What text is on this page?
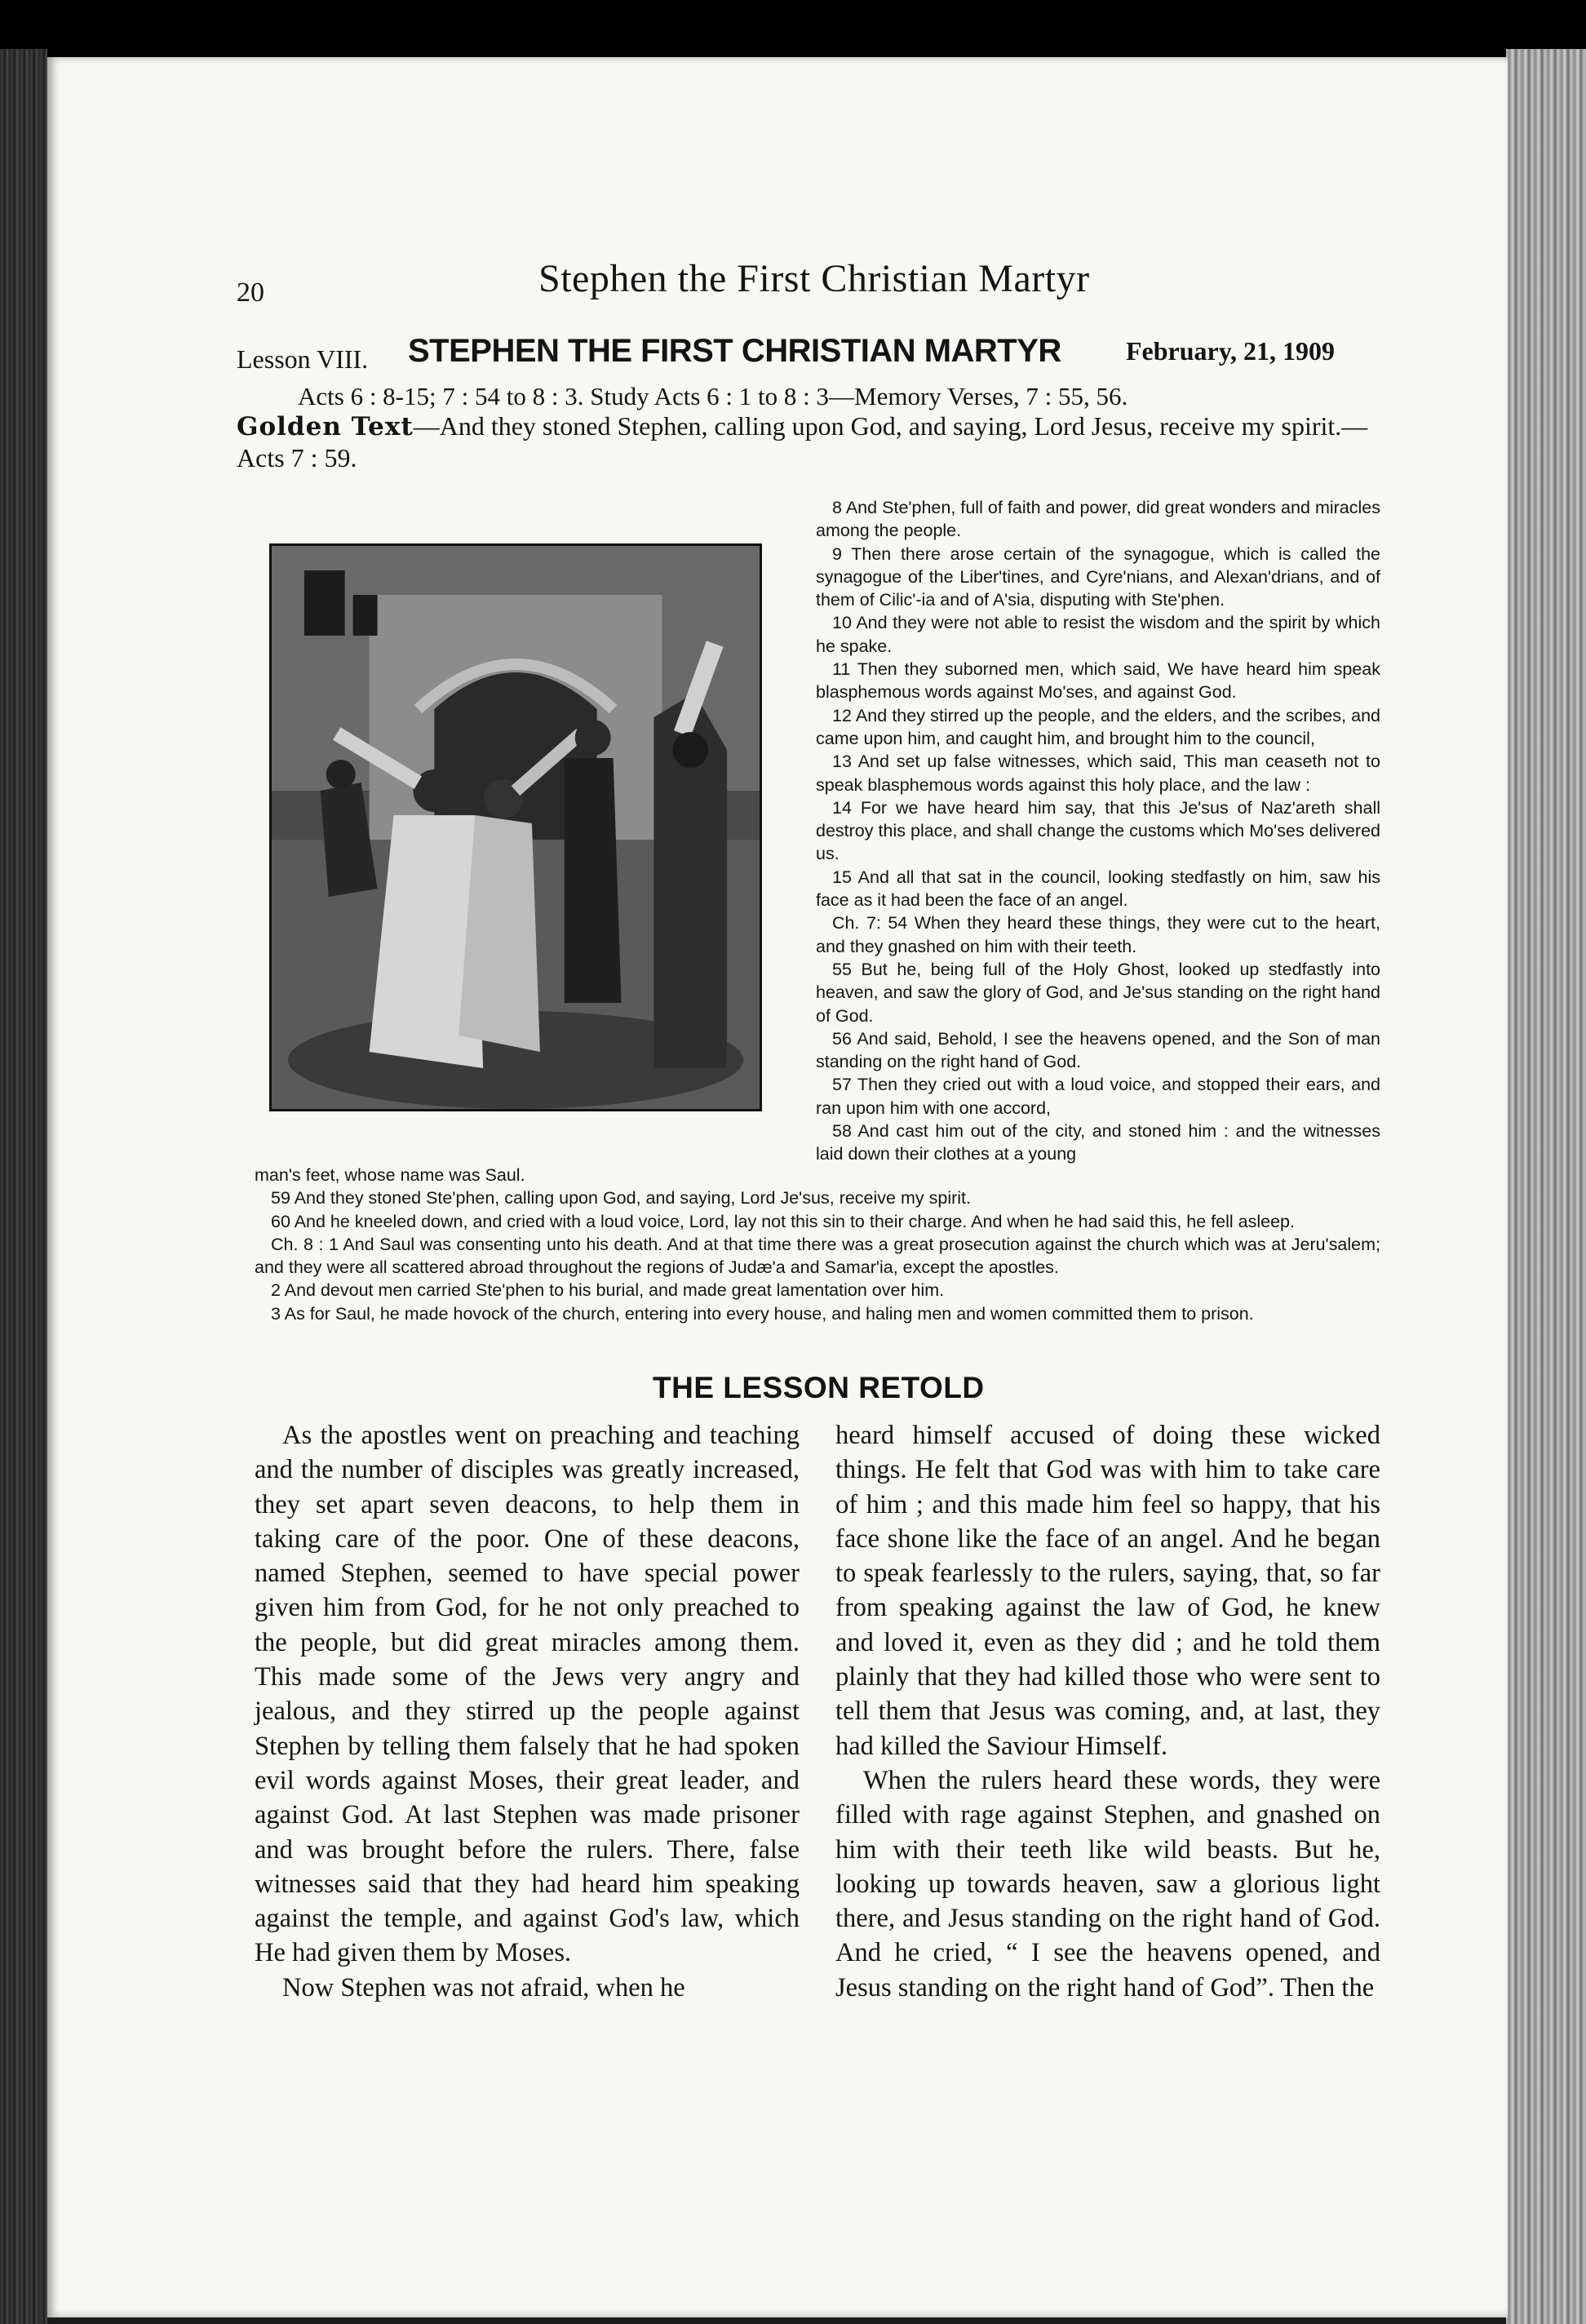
20	Stephen the First Christian Martyr
Lesson VIII. STEPHEN THE FIRST CHRISTIAN MARTYR February, 21, 1909
Acts 6 : 8-15; 7 : 54 to 8 : 3. Study Acts 6 : 1 to 8 : 3—Memory Verses, 7 : 55, 56.
Golden Text—And they stoned Stephen, calling upon God, and saying, Lord Jesus, receive my spirit.—Acts 7 : 59.

8 And Ste'phen, full of faith and power, did great wonders and miracles among the people.

9 Then there arose certain of the synagogue, which is called the synagogue of the Liber'tines, and Cyre'nians, and Alexan'drians, and of them of Cilic'-ia and of A'sia, disputing with Ste'phen.

10 And they were not able to resist the wisdom and the spirit by which he spake.

11 Then they suborned men, which said, We have heard him speak blasphemous words against Mo'ses, and against God.

12 And they stirred up the people, and the elders, and the scribes, and came upon him, and caught him, and brought him to the council,

13 And set up false witnesses, which said, This man ceaseth not to speak blasphemous words against this holy place, and the law :

14 For we have heard him say, that this Je'sus of Naz'areth shall destroy this place, and shall change the customs which Mo'ses delivered us.

15 And all that sat in the council, looking stedfastly on him, saw his face as it had been the face of an angel.

Ch. 7: 54 When they heard these things, they were cut to the heart, and they gnashed on him with their teeth.

55 But he, being full of the Holy Ghost, looked up stedfastly into heaven, and saw the glory of God, and Je'sus standing on the right hand of God.

56 And said, Behold, I see the heavens opened, and the Son of man standing on the right hand of God.

57 Then they cried out with a loud voice, and stopped their ears, and ran upon him with one accord,

58 And cast him out of the city, and stoned him : and the witnesses laid down their clothes at a young

man's feet, whose name was Saul.

59 And they stoned Ste'phen, calling upon God, and saying, Lord Je'sus, receive my spirit.

60 And he kneeled down, and cried with a loud voice, Lord, lay not this sin to their charge. And when he had said this, he fell asleep.

Ch. 8 : 1 And Saul was consenting unto his death. And at that time there was a great prosecution against the church which was at Jeru'salem; and they were all scattered abroad throughout the regions of Judæ'a and Samar'ia, except the apostles.

2 And devout men carried Ste'phen to his burial, and made great lamentation over him.

3 As for Saul, he made hovock of the church, entering into every house, and haling men and women committed them to prison.

THE LESSON RETOLD

As the apostles went on preaching and teaching and the number of disciples was greatly increased, they set apart seven deacons, to help them in taking care of the poor. One of these deacons, named Stephen, seemed to have special power given him from God, for he not only preached to the people, but did great miracles among them. This made some of the Jews very angry and jealous, and they stirred up the people against Stephen by telling them falsely that he had spoken evil words against Moses, their great leader, and against God. At last Stephen was made prisoner and was brought before the rulers. There, false witnesses said that they had heard him speaking against the temple, and against God's law, which He had given them by Moses.

Now Stephen was not afraid, when he

heard himself accused of doing these wicked things. He felt that God was with him to take care of him ; and this made him feel so happy, that his face shone like the face of an angel. And he began to speak fearlessly to the rulers, saying, that, so far from speaking against the law of God, he knew and loved it, even as they did ; and he told them plainly that they had killed those who were sent to tell them that Jesus was coming, and, at last, they had killed the Saviour Himself.

When the rulers heard these words, they were filled with rage against Stephen, and gnashed on him with their teeth like wild beasts. But he, looking up towards heaven, saw a glorious light there, and Jesus standing on the right hand of God. And he cried, “ I see the heavens opened, and Jesus standing on the right hand of God”. Then the
